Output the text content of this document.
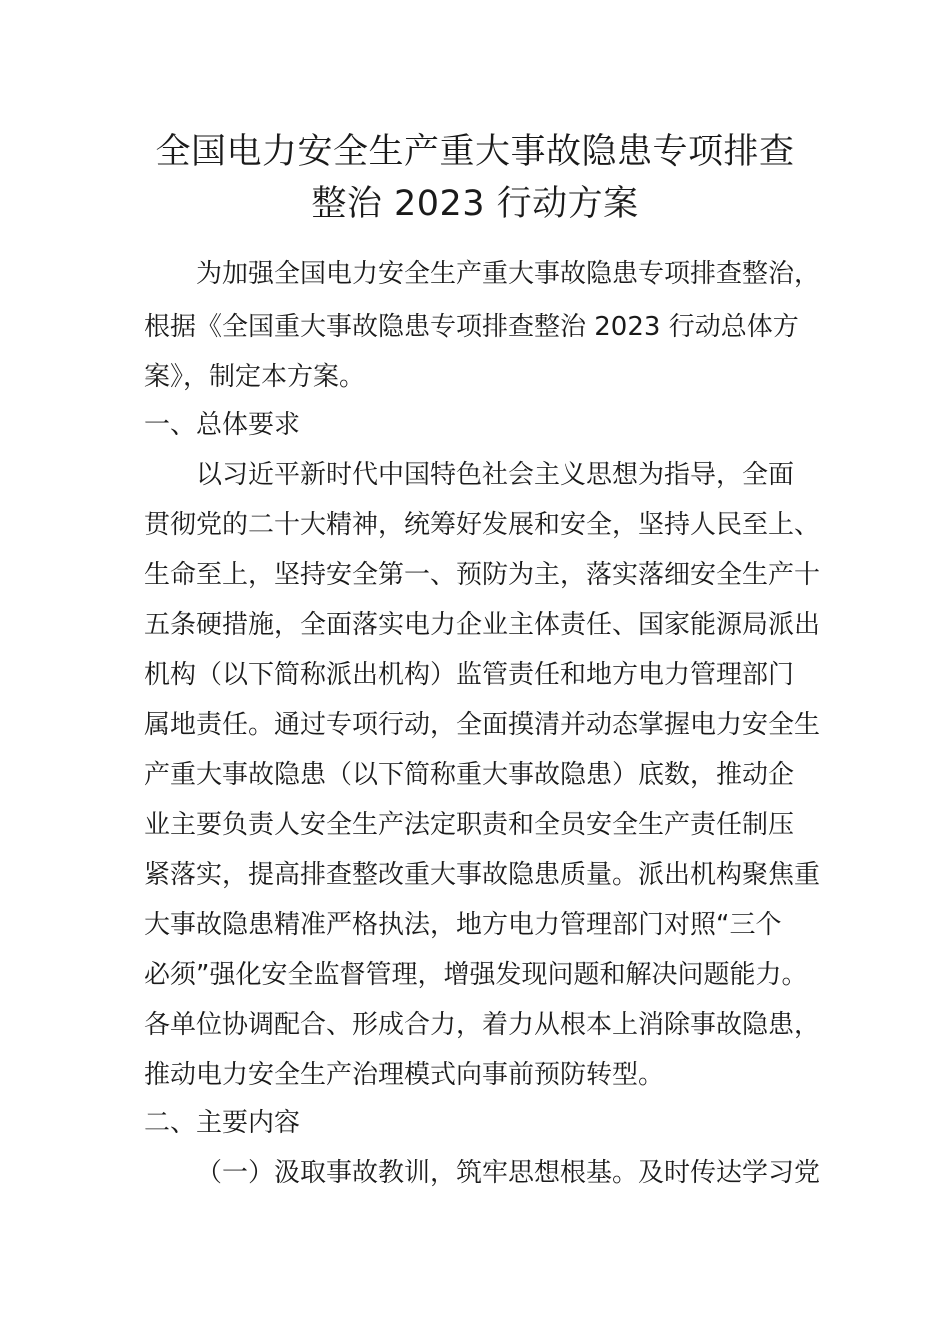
全国电力安全生产重大事故隐患专项排查
整治 2023 行动方案
为加强全国电力安全生产重大事故隐患专项排查整治，
根据《全国重大事故隐患专项排查整治 2023 行动总体方
案》，制定本方案。
一、总体要求
以习近平新时代中国特色社会主义思想为指导，全面
贯彻党的二十大精神，统筹好发展和安全，坚持人民至上、
生命至上，坚持安全第一、预防为主，落实落细安全生产十
五条硬措施，全面落实电力企业主体责任、国家能源局派出
机构（以下简称派出机构）监管责任和地方电力管理部门
属地责任。通过专项行动，全面摸清并动态掌握电力安全生
产重大事故隐患（以下简称重大事故隐患）底数，推动企
业主要负责人安全生产法定职责和全员安全生产责任制压
紧落实，提高排查整改重大事故隐患质量。派出机构聚焦重
大事故隐患精准严格执法，地方电力管理部门对照“三个
必须”强化安全监督管理，增强发现问题和解决问题能力。
各单位协调配合、形成合力，着力从根本上消除事故隐患，
推动电力安全生产治理模式向事前预防转型。
二、主要内容
（一）汲取事故教训，筑牢思想根基。及时传达学习党
